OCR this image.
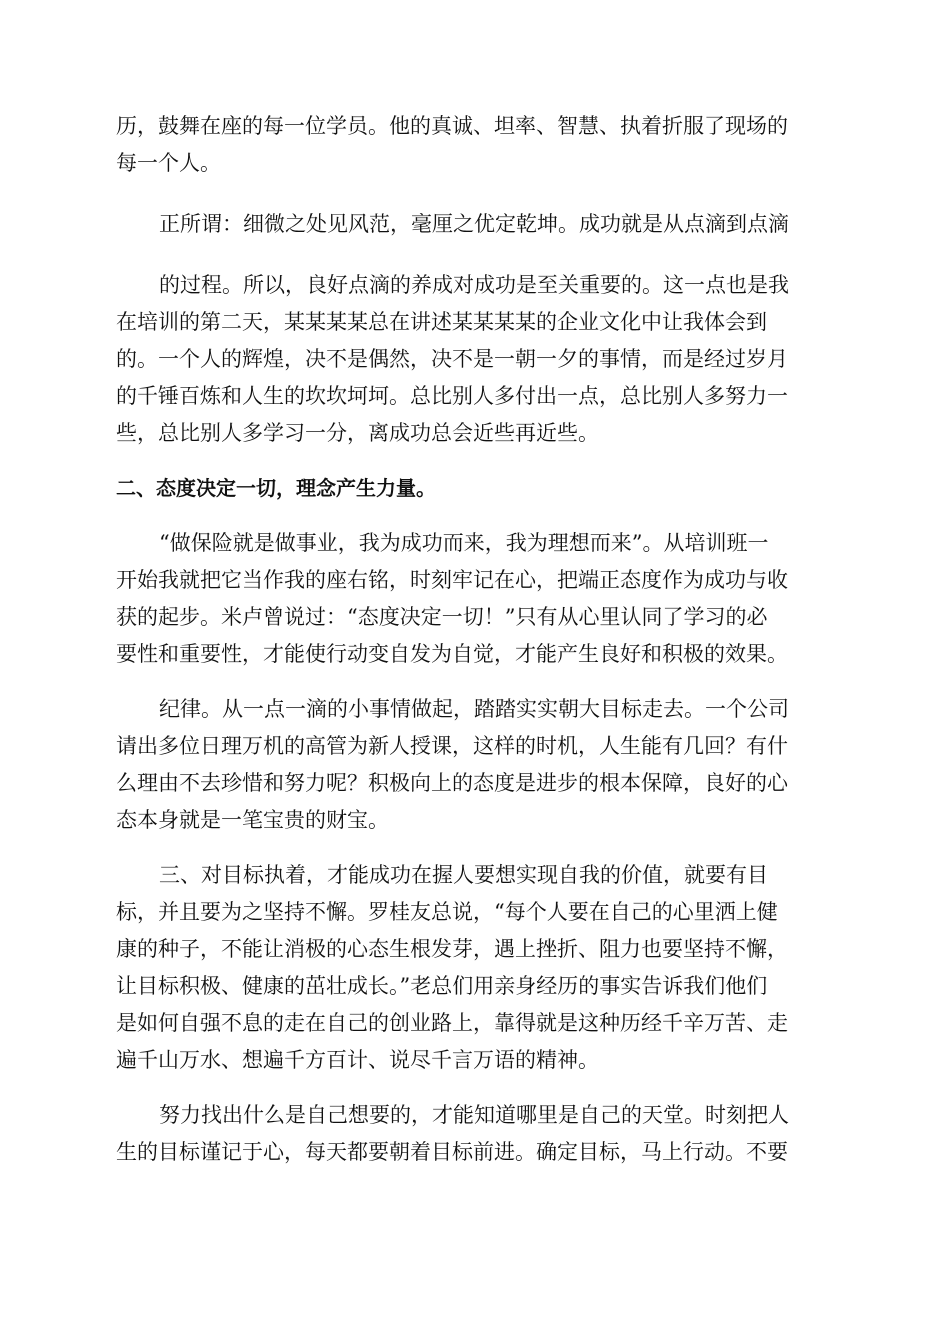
历，鼓舞在座的每一位学员。他的真诚、坦率、智慧、执着折服了现场的
每一个人。
正所谓：细微之处见风范，毫厘之优定乾坤。成功就是从点滴到点滴
的过程。所以，良好点滴的养成对成功是至关重要的。这一点也是我
在培训的第二天，某某某某总在讲述某某某某的企业文化中让我体会到
的。一个人的辉煌，决不是偶然，决不是一朝一夕的事情，而是经过岁月
的千锤百炼和人生的坎坎坷坷。总比别人多付出一点，总比别人多努力一
些，总比别人多学习一分，离成功总会近些再近些。
二、态度决定一切，理念产生力量。
“做保险就是做事业，我为成功而来，我为理想而来”。从培训班一
开始我就把它当作我的座右铭，时刻牢记在心，把端正态度作为成功与收
获的起步。米卢曾说过：“态度决定一切！”只有从心里认同了学习的必
要性和重要性，才能使行动变自发为自觉，才能产生良好和积极的效果。
纪律。从一点一滴的小事情做起，踏踏实实朝大目标走去。一个公司
请出多位日理万机的高管为新人授课，这样的时机，人生能有几回？有什
么理由不去珍惜和努力呢？积极向上的态度是进步的根本保障，良好的心
态本身就是一笔宝贵的财宝。
三、对目标执着，才能成功在握人要想实现自我的价值，就要有目
标，并且要为之坚持不懈。罗桂友总说，“每个人要在自己的心里洒上健
康的种子，不能让消极的心态生根发芽，遇上挫折、阻力也要坚持不懈，
让目标积极、健康的茁壮成长。”老总们用亲身经历的事实告诉我们他们
是如何自强不息的走在自己的创业路上，靠得就是这种历经千辛万苦、走
遍千山万水、想遍千方百计、说尽千言万语的精神。
努力找出什么是自己想要的，才能知道哪里是自己的天堂。时刻把人
生的目标谨记于心，每天都要朝着目标前进。确定目标，马上行动。不要
